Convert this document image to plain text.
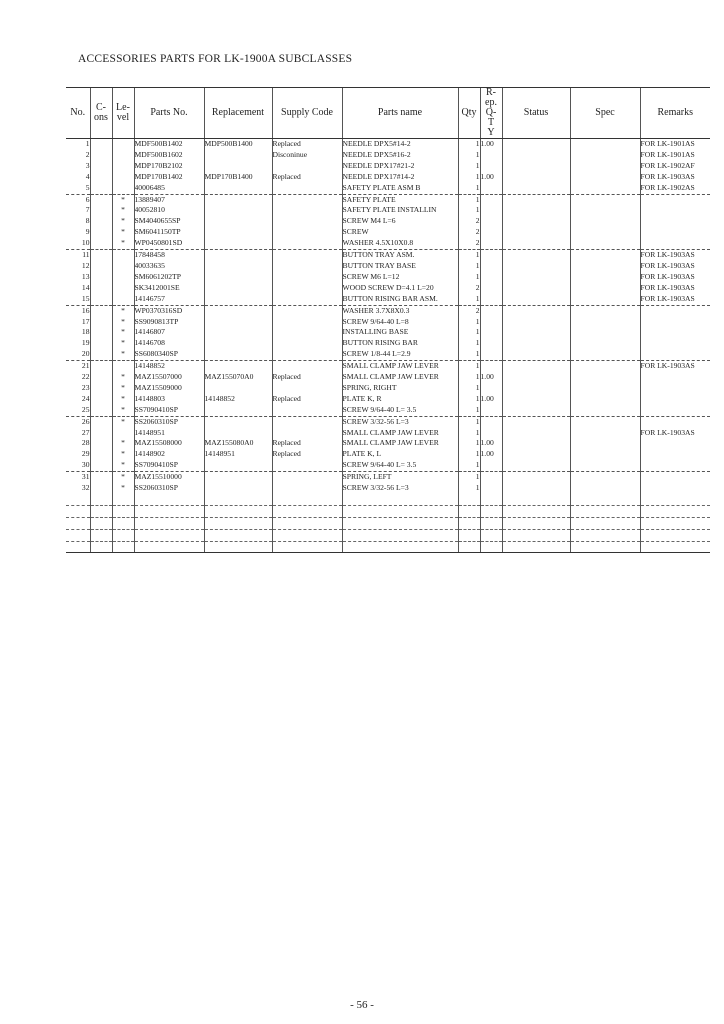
ACCESSORIES PARTS FOR LK-1900A SUBCLASSES
No.	C-ons	Le-vel	Parts No.	Replacement	Supply Code	Parts name	Qty	R-ep.Q-TY	Status	Spec	Remarks
1			MDF500B1402	MDP500B1400	Replaced	NEEDLE DPX5#14-2	1	1.00			FOR LK-1901AS
2			MDF500B1602		Disconinue	NEEDLE DPX5#16-2	1				FOR LK-1901AS
3			MDP170B2102			NEEDLE DPX17#21-2	1				FOR LK-1902AF
4			MDP170B1402	MDP170B1400	Replaced	NEEDLE DPX17#14-2	1	1.00			FOR LK-1903AS
5			40006485			SAFETY PLATE ASM B	1				FOR LK-1902AS
6		*	13889407			SAFETY PLATE	1				
7		*	40052810			SAFETY PLATE INSTALLIN	1				
8		*	SM4040655SP			SCREW M4 L=6	2				
9		*	SM6041150TP			SCREW	2				
10		*	WP0450801SD			WASHER 4.5X10X0.8	2				
11			17848458			BUTTON TRAY ASM.	1				FOR LK-1903AS
12			40033635			BUTTON TRAY BASE	1				FOR LK-1903AS
13			SM6061202TP			SCREW M6 L=12	1				FOR LK-1903AS
14			SK3412001SE			WOOD SCREW D=4.1 L=20	2				FOR LK-1903AS
15			14146757			BUTTON RISING BAR ASM.	1				FOR LK-1903AS
16		*	WP0370316SD			WASHER 3.7X8X0.3	2				
17		*	SS9090813TP			SCREW 9/64-40 L=8	1				
18		*	14146807			INSTALLING BASE	1				
19		*	14146708			BUTTON RISING BAR	1				
20		*	SS6080340SP			SCREW 1/8-44 L=2.9	1				
21			14148852			SMALL CLAMP JAW LEVER	1				FOR LK-1903AS
22		*	MAZ15507000	MAZ155070A0	Replaced	SMALL CLAMP JAW LEVER	1	1.00			
23		*	MAZ15509000			SPRING, RIGHT	1				
24		*	14148803	14148852	Replaced	PLATE K, R	1	1.00			
25		*	SS7090410SP			SCREW 9/64-40 L= 3.5	1				
26		*	SS2060310SP			SCREW 3/32-56 L=3	1				
27			14148951			SMALL CLAMP JAW LEVER	1				FOR LK-1903AS
28		*	MAZ15508000	MAZ155080A0	Replaced	SMALL CLAMP JAW LEVER	1	1.00			
29		*	14148902	14148951	Replaced	PLATE K, L	1	1.00			
30		*	SS7090410SP			SCREW 9/64-40 L= 3.5	1				
31		*	MAZ15510000			SPRING, LEFT	1				
32		*	SS2060310SP			SCREW 3/32-56 L=3	1				

- 56 -
